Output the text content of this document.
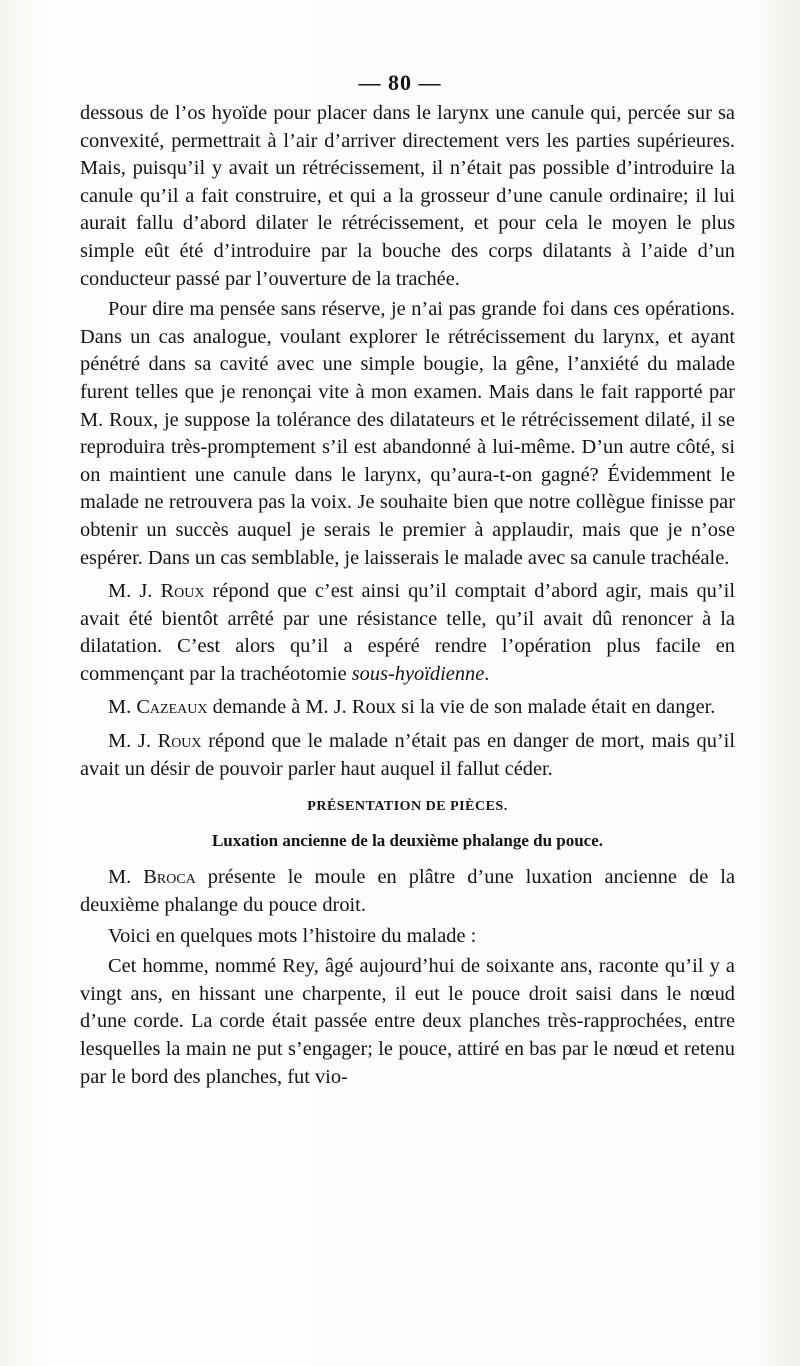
— 80 —

dessous de l’os hyoïde pour placer dans le larynx une canule qui, percée sur sa convexité, permettrait à l’air d’arriver directement vers les parties supérieures. Mais, puisqu’il y avait un rétrécissement, il n’était pas possible d’introduire la canule qu’il a fait construire, et qui a la grosseur d’une canule ordinaire; il lui aurait fallu d’abord dilater le rétrécissement, et pour cela le moyen le plus simple eût été d’introduire par la bouche des corps dilatants à l’aide d’un conducteur passé par l’ouverture de la trachée.

Pour dire ma pensée sans réserve, je n’ai pas grande foi dans ces opérations. Dans un cas analogue, voulant explorer le rétrécissement du larynx, et ayant pénétré dans sa cavité avec une simple bougie, la gêne, l’anxiété du malade furent telles que je renonçai vite à mon examen. Mais dans le fait rapporté par M. Roux, je suppose la tolérance des dilatateurs et le rétrécissement dilaté, il se reproduira très-promptement s’il est abandonné à lui-même. D’un autre côté, si on maintient une canule dans le larynx, qu’aura-t-on gagné? Évidemment le malade ne retrouvera pas la voix. Je souhaite bien que notre collègue finisse par obtenir un succès auquel je serais le premier à applaudir, mais que je n’ose espérer. Dans un cas semblable, je laisserais le malade avec sa canule trachéale.

M. J. Roux répond que c’est ainsi qu’il comptait d’abord agir, mais qu’il avait été bientôt arrêté par une résistance telle, qu’il avait dû renoncer à la dilatation. C’est alors qu’il a espéré rendre l’opération plus facile en commençant par la trachéotomie sous-hyoïdienne.

M. Cazeaux demande à M. J. Roux si la vie de son malade était en danger.

M. J. Roux répond que le malade n’était pas en danger de mort, mais qu’il avait un désir de pouvoir parler haut auquel il fallut céder.

PRÉSENTATION DE PIÈCES.
Luxation ancienne de la deuxième phalange du pouce.

M. Broca présente le moule en plâtre d’une luxation ancienne de la deuxième phalange du pouce droit.

Voici en quelques mots l’histoire du malade :

Cet homme, nommé Rey, âgé aujourd’hui de soixante ans, raconte qu’il y a vingt ans, en hissant une charpente, il eut le pouce droit saisi dans le nœud d’une corde. La corde était passée entre deux planches très-rapprochées, entre lesquelles la main ne put s’engager; le pouce, attiré en bas par le nœud et retenu par le bord des planches, fut vio-
